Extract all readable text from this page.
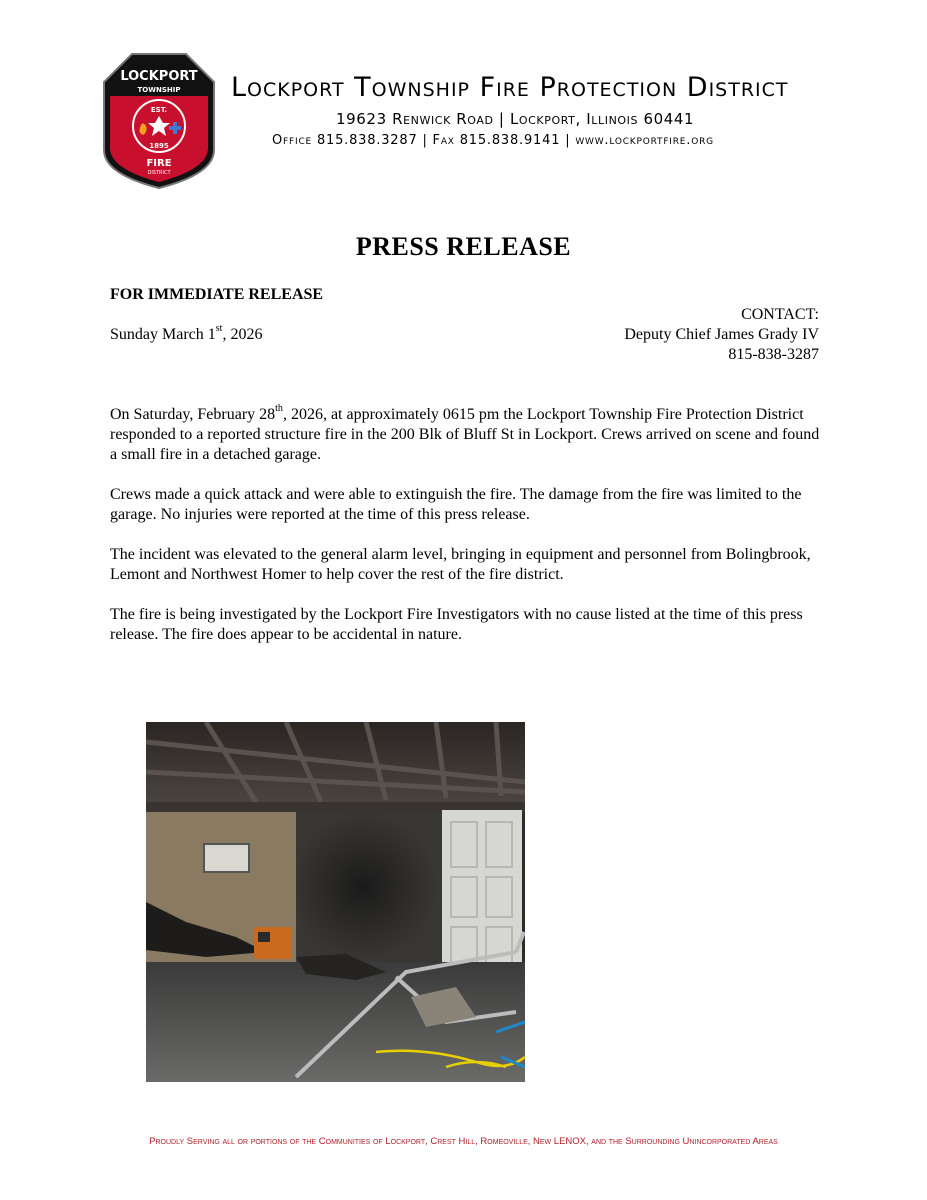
LOCKPORT
TOWNSHIP
EST.
1895
FIRE
DISTRICT
Lockport Township Fire Protection District
19623 Renwick Road | Lockport, Illinois 60441
Office 815.838.3287 | Fax 815.838.9141 | www.lockportfire.org
PRESS RELEASE
FOR IMMEDIATE RELEASE
CONTACT:
Sunday March 1st, 2026	Deputy Chief James Grady IV
815-838-3287

On Saturday, February 28th, 2026, at approximately 0615 pm the Lockport Township Fire Protection District responded to a reported structure fire in the 200 Blk of Bluff St in Lockport. Crews arrived on scene and found a small fire in a detached garage.

Crews made a quick attack and were able to extinguish the fire. The damage from the fire was limited to the garage. No injuries were reported at the time of this press release.

The incident was elevated to the general alarm level, bringing in equipment and personnel from Bolingbrook, Lemont and Northwest Homer to help cover the rest of the fire district.

The fire is being investigated by the Lockport Fire Investigators with no cause listed at the time of this press release. The fire does appear to be accidental in nature.

Proudly Serving all or portions of the Communities of Lockport, Crest Hill, Romeoville, New LENOX, and the Surrounding Unincorporated Areas
